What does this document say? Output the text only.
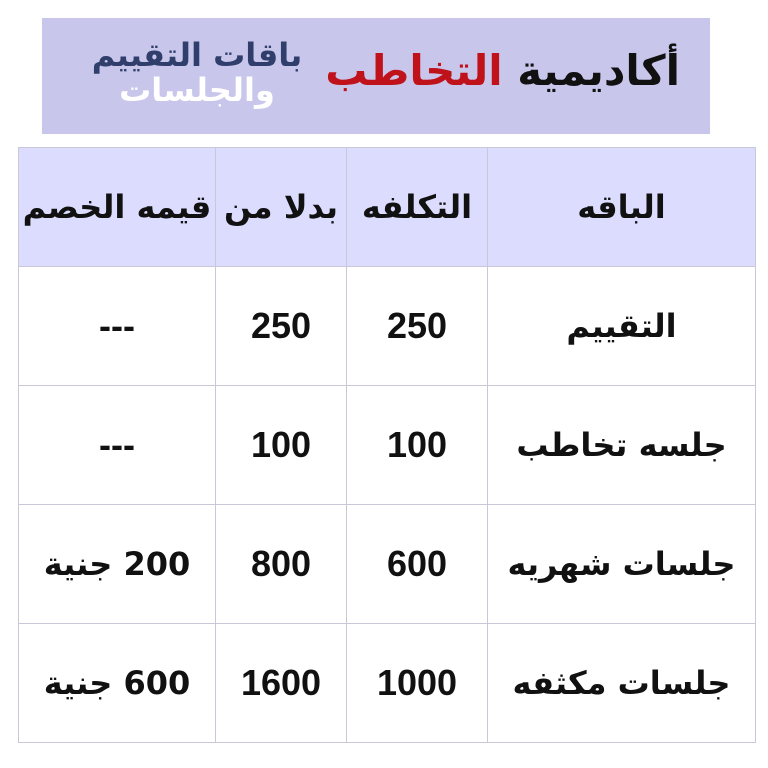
أكاديمية التخاطب
باقات التقييم
والجلسات
الباقه	التكلفه	بدلا من	قيمه الخصم
التقييم	250	250	---
جلسه تخاطب	100	100	---
جلسات شهريه	600	800	200 جنية
جلسات مكثفه	1000	1600	600 جنية
